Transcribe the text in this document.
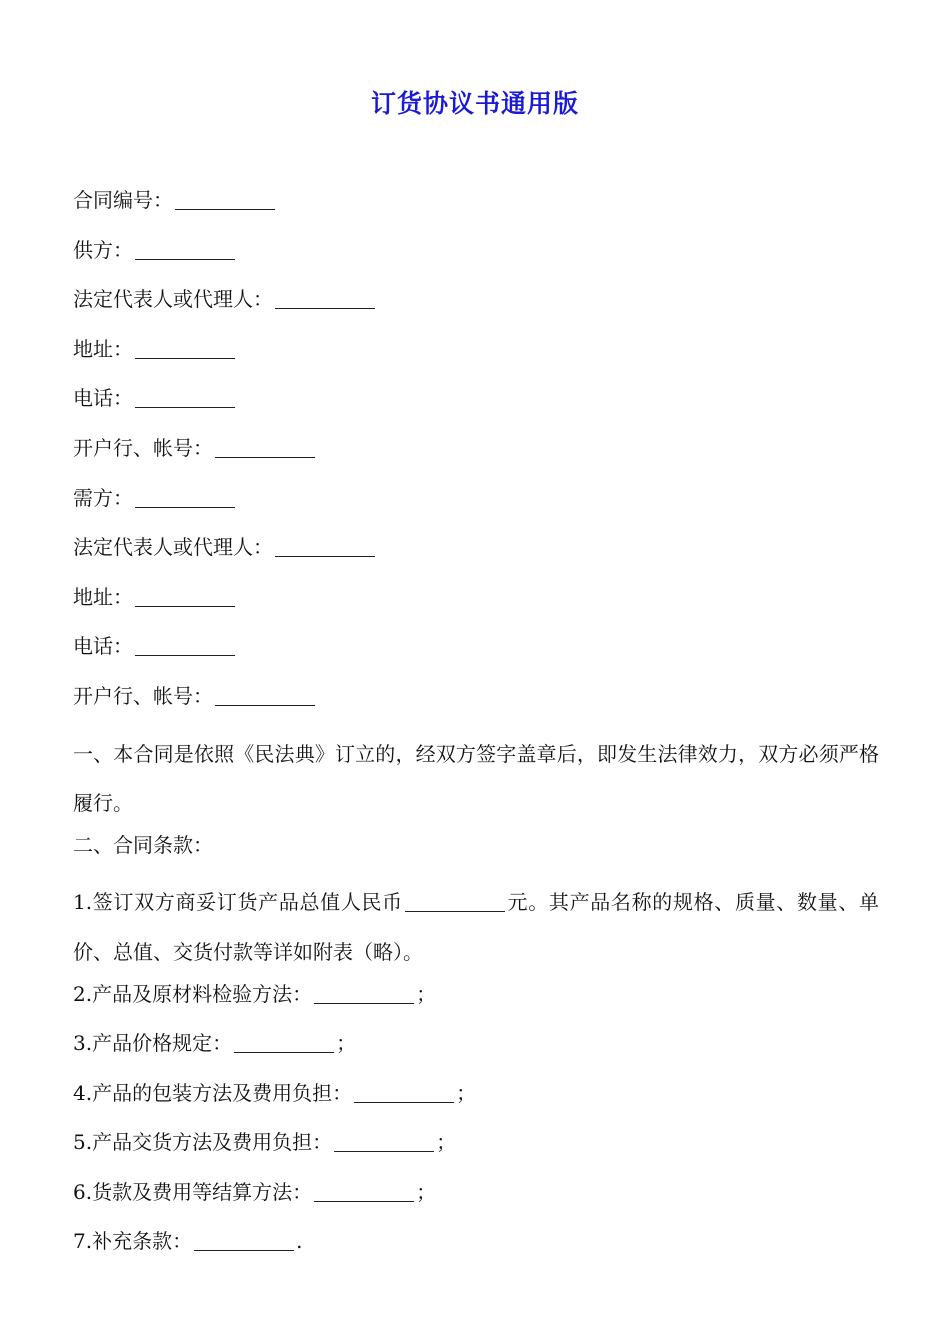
订货协议书通用版
合同编号：
供方：
法定代表人或代理人：
地址：
电话：
开户行、帐号：
需方：
法定代表人或代理人：
地址：
电话：
开户行、帐号：
一、本合同是依照《民法典》订立的，经双方签字盖章后，即发生法律效力，双方必须严格履行。
二、合同条款：
1.签订双方商妥订货产品总值人民币	元。其产品名称的规格、质量、数量、单价、总值、交货付款等详如附表（略）。
2.产品及原材料检验方法：	；
3.产品价格规定：	；
4.产品的包装方法及费用负担：	；
5.产品交货方法及费用负担：	；
6.货款及费用等结算方法：	；
7.补充条款：	.
